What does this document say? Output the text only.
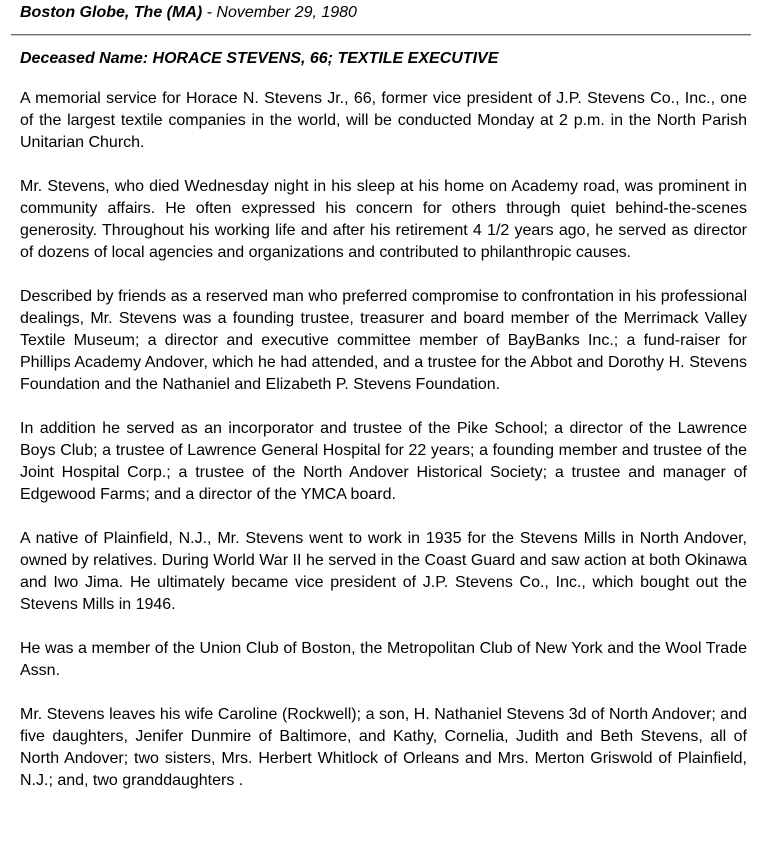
Boston Globe, The (MA) - November 29, 1980
Deceased Name: HORACE STEVENS, 66; TEXTILE EXECUTIVE

A memorial service for Horace N. Stevens Jr., 66, former vice president of J.P. Stevens Co., Inc., one of the largest textile companies in the world, will be conducted Monday at 2 p.m. in the North Parish Unitarian Church.

Mr. Stevens, who died Wednesday night in his sleep at his home on Academy road, was prominent in community affairs. He often expressed his concern for others through quiet behind-the-scenes generosity. Throughout his working life and after his retirement 4 1/2 years ago, he served as director of dozens of local agencies and organizations and contributed to philanthropic causes.

Described by friends as a reserved man who preferred compromise to confrontation in his professional dealings, Mr. Stevens was a founding trustee, treasurer and board member of the Merrimack Valley Textile Museum; a director and executive committee member of BayBanks Inc.; a fund-raiser for Phillips Academy Andover, which he had attended, and a trustee for the Abbot and Dorothy H. Stevens Foundation and the Nathaniel and Elizabeth P. Stevens Foundation.

In addition he served as an incorporator and trustee of the Pike School; a director of the Lawrence Boys Club; a trustee of Lawrence General Hospital for 22 years; a founding member and trustee of the Joint Hospital Corp.; a trustee of the North Andover Historical Society; a trustee and manager of Edgewood Farms; and a director of the YMCA board.

A native of Plainfield, N.J., Mr. Stevens went to work in 1935 for the Stevens Mills in North Andover, owned by relatives. During World War II he served in the Coast Guard and saw action at both Okinawa and Iwo Jima. He ultimately became vice president of J.P. Stevens Co., Inc., which bought out the Stevens Mills in 1946.

He was a member of the Union Club of Boston, the Metropolitan Club of New York and the Wool Trade Assn.

Mr. Stevens leaves his wife Caroline (Rockwell); a son, H. Nathaniel Stevens 3d of North Andover; and five daughters, Jenifer Dunmire of Baltimore, and Kathy, Cornelia, Judith and Beth Stevens, all of North Andover; two sisters, Mrs. Herbert Whitlock of Orleans and Mrs. Merton Griswold of Plainfield, N.J.; and, two granddaughters .
